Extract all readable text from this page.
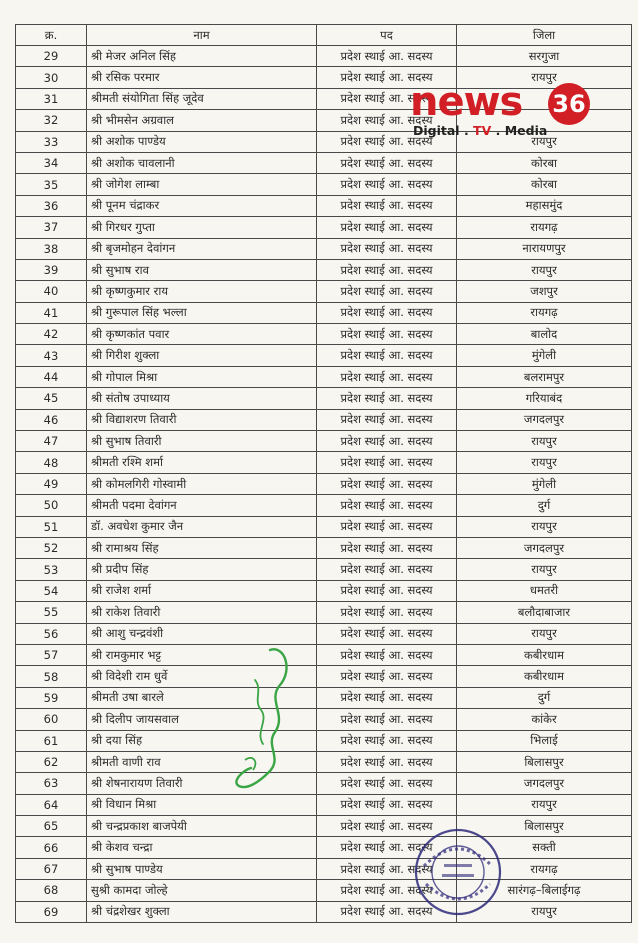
क्र.	नाम	पद	जिला
29	श्री मेजर अनिल सिंह	प्रदेश स्थाई आ. सदस्य	सरगुजा
30	श्री रसिक परमार	प्रदेश स्थाई आ. सदस्य	रायपुर
31	श्रीमती संयोगिता सिंह जूदेव	प्रदेश स्थाई आ. सदस्य	
32	श्री भीमसेन अग्रवाल	प्रदेश स्थाई आ. सदस्य	
33	श्री अशोक पाण्डेय	प्रदेश स्थाई आ. सदस्य	रायपुर
34	श्री अशोक चावलानी	प्रदेश स्थाई आ. सदस्य	कोरबा
35	श्री जोगेश लाम्बा	प्रदेश स्थाई आ. सदस्य	कोरबा
36	श्री पूनम चंद्राकर	प्रदेश स्थाई आ. सदस्य	महासमुंद
37	श्री गिरधर गुप्ता	प्रदेश स्थाई आ. सदस्य	रायगढ़
38	श्री बृजमोहन देवांगन	प्रदेश स्थाई आ. सदस्य	नारायणपुर
39	श्री सुभाष राव	प्रदेश स्थाई आ. सदस्य	रायपुर
40	श्री कृष्णकुमार राय	प्रदेश स्थाई आ. सदस्य	जशपुर
41	श्री गुरूपाल सिंह भल्ला	प्रदेश स्थाई आ. सदस्य	रायगढ़
42	श्री कृष्णकांत पवार	प्रदेश स्थाई आ. सदस्य	बालोद
43	श्री गिरीश शुक्ला	प्रदेश स्थाई आ. सदस्य	मुंगेली
44	श्री गोपाल मिश्रा	प्रदेश स्थाई आ. सदस्य	बलरामपुर
45	श्री संतोष उपाध्याय	प्रदेश स्थाई आ. सदस्य	गरियाबंद
46	श्री विद्याशरण तिवारी	प्रदेश स्थाई आ. सदस्य	जगदलपुर
47	श्री सुभाष तिवारी	प्रदेश स्थाई आ. सदस्य	रायपुर
48	श्रीमती रश्मि शर्मा	प्रदेश स्थाई आ. सदस्य	रायपुर
49	श्री कोमलगिरी गोस्वामी	प्रदेश स्थाई आ. सदस्य	मुंगेली
50	श्रीमती पदमा देवांगन	प्रदेश स्थाई आ. सदस्य	दुर्ग
51	डॉ. अवधेश कुमार जैन	प्रदेश स्थाई आ. सदस्य	रायपुर
52	श्री रामाश्रय सिंह	प्रदेश स्थाई आ. सदस्य	जगदलपुर
53	श्री प्रदीप सिंह	प्रदेश स्थाई आ. सदस्य	रायपुर
54	श्री राजेश शर्मा	प्रदेश स्थाई आ. सदस्य	धमतरी
55	श्री राकेश तिवारी	प्रदेश स्थाई आ. सदस्य	बलौदाबाजार
56	श्री आशु चन्द्रवंशी	प्रदेश स्थाई आ. सदस्य	रायपुर
57	श्री रामकुमार भट्ट	प्रदेश स्थाई आ. सदस्य	कबीरधाम
58	श्री विदेशी राम धुर्वे	प्रदेश स्थाई आ. सदस्य	कबीरधाम
59	श्रीमती उषा बारले	प्रदेश स्थाई आ. सदस्य	दुर्ग
60	श्री दिलीप जायसवाल	प्रदेश स्थाई आ. सदस्य	कांकेर
61	श्री दया सिंह	प्रदेश स्थाई आ. सदस्य	भिलाई
62	श्रीमती वाणी राव	प्रदेश स्थाई आ. सदस्य	बिलासपुर
63	श्री शेषनारायण तिवारी	प्रदेश स्थाई आ. सदस्य	जगदलपुर
64	श्री विधान मिश्रा	प्रदेश स्थाई आ. सदस्य	रायपुर
65	श्री चन्द्रप्रकाश बाजपेयी	प्रदेश स्थाई आ. सदस्य	बिलासपुर
66	श्री केशव चन्द्रा	प्रदेश स्थाई आ. सदस्य	सक्ती
67	श्री सुभाष पाण्डेय	प्रदेश स्थाई आ. सदस्य	रायगढ़
68	सुश्री कामदा जोल्हे	प्रदेश स्थाई आ. सदस्य	सारंगढ़–बिलाईगढ़
69	श्री चंद्रशेखर शुक्ला	प्रदेश स्थाई आ. सदस्य	रायपुर
news 36
Digital . TV . Media
